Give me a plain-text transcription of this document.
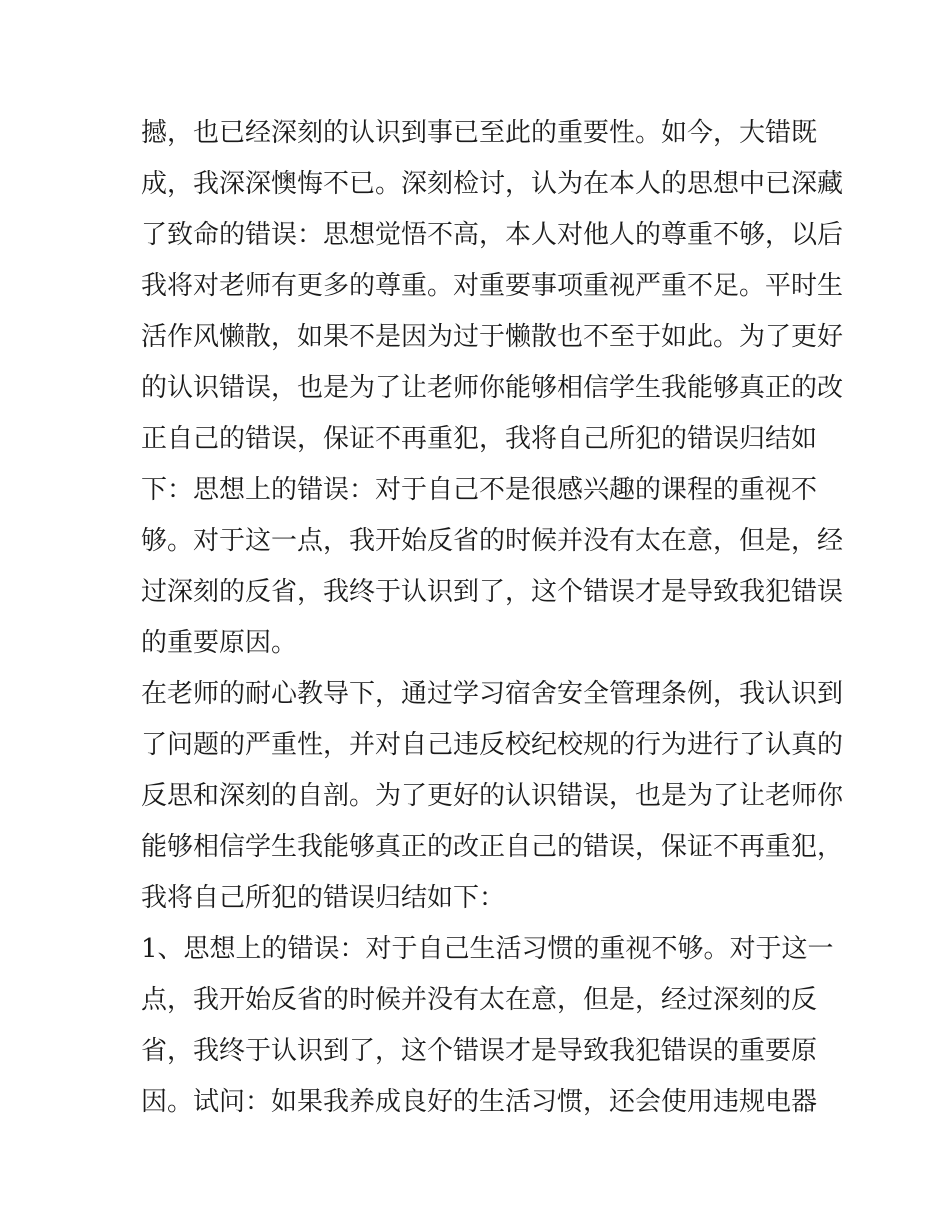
撼，也已经深刻的认识到事已至此的重要性。如今，大错既
成，我深深懊悔不已。深刻检讨，认为在本人的思想中已深藏
了致命的错误：思想觉悟不高，本人对他人的尊重不够，以后
我将对老师有更多的尊重。对重要事项重视严重不足。平时生
活作风懒散，如果不是因为过于懒散也不至于如此。为了更好
的认识错误，也是为了让老师你能够相信学生我能够真正的改
正自己的错误，保证不再重犯，我将自己所犯的错误归结如
下：思想上的错误：对于自己不是很感兴趣的课程的重视不
够。对于这一点，我开始反省的时候并没有太在意，但是，经
过深刻的反省，我终于认识到了，这个错误才是导致我犯错误
的重要原因。
在老师的耐心教导下，通过学习宿舍安全管理条例，我认识到
了问题的严重性，并对自己违反校纪校规的行为进行了认真的
反思和深刻的自剖。为了更好的认识错误，也是为了让老师你
能够相信学生我能够真正的改正自己的错误，保证不再重犯，
我将自己所犯的错误归结如下：
1、思想上的错误：对于自己生活习惯的重视不够。对于这一
点，我开始反省的时候并没有太在意，但是，经过深刻的反
省，我终于认识到了，这个错误才是导致我犯错误的重要原
因。试问：如果我养成良好的生活习惯，还会使用违规电器
